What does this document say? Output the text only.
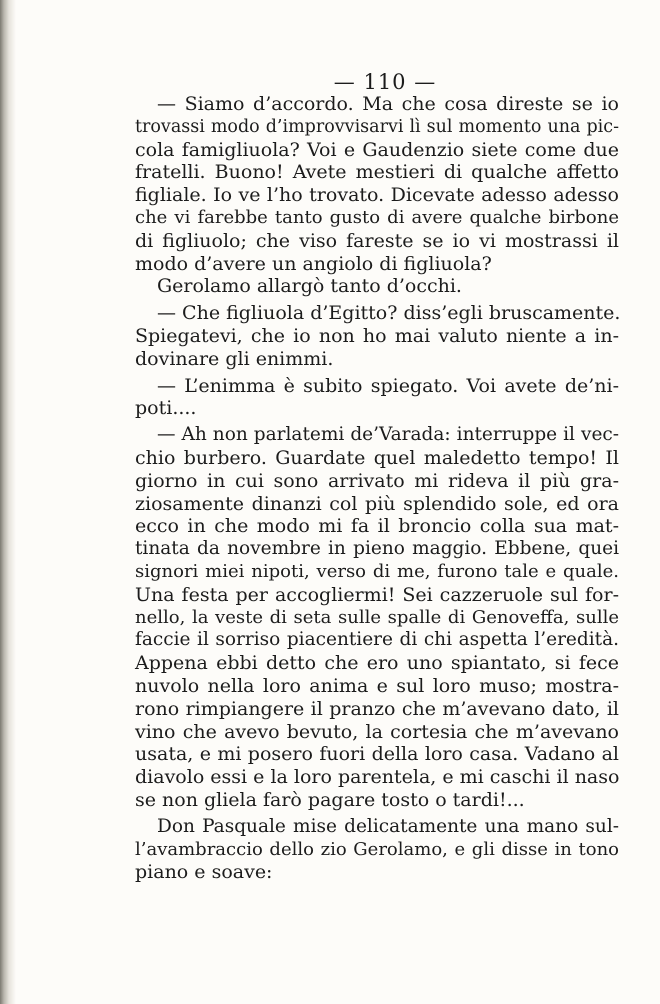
— 110 —
— Siamo d’accordo. Ma che cosa direste se io
trovassi modo d’improvvisarvi lì sul momento una pic-
cola famigliuola? Voi e Gaudenzio siete come due
fratelli. Buono! Avete mestieri di qualche affetto
figliale. Io ve l’ho trovato. Dicevate adesso adesso
che vi farebbe tanto gusto di avere qualche birbone
di figliuolo; che viso fareste se io vi mostrassi il
modo d’avere un angiolo di figliuola?
Gerolamo allargò tanto d’occhi.
— Che figliuola d’Egitto? diss’egli bruscamente.
Spiegatevi, che io non ho mai valuto niente a in-
dovinare gli enimmi.
— L’enimma è subito spiegato. Voi avete de’ni-
poti....
— Ah non parlatemi de’Varada: interruppe il vec-
chio burbero. Guardate quel maledetto tempo! Il
giorno in cui sono arrivato mi rideva il più gra-
ziosamente dinanzi col più splendido sole, ed ora
ecco in che modo mi fa il broncio colla sua mat-
tinata da novembre in pieno maggio. Ebbene, quei
signori miei nipoti, verso di me, furono tale e quale.
Una festa per accogliermi! Sei cazzeruole sul for-
nello, la veste di seta sulle spalle di Genoveffa, sulle
faccie il sorriso piacentiere di chi aspetta l’eredità.
Appena ebbi detto che ero uno spiantato, si fece
nuvolo nella loro anima e sul loro muso; mostra-
rono rimpiangere il pranzo che m’avevano dato, il
vino che avevo bevuto, la cortesia che m’avevano
usata, e mi posero fuori della loro casa. Vadano al
diavolo essi e la loro parentela, e mi caschi il naso
se non gliela farò pagare tosto o tardi!...
Don Pasquale mise delicatamente una mano sul-
l’avambraccio dello zio Gerolamo, e gli disse in tono
piano e soave:
